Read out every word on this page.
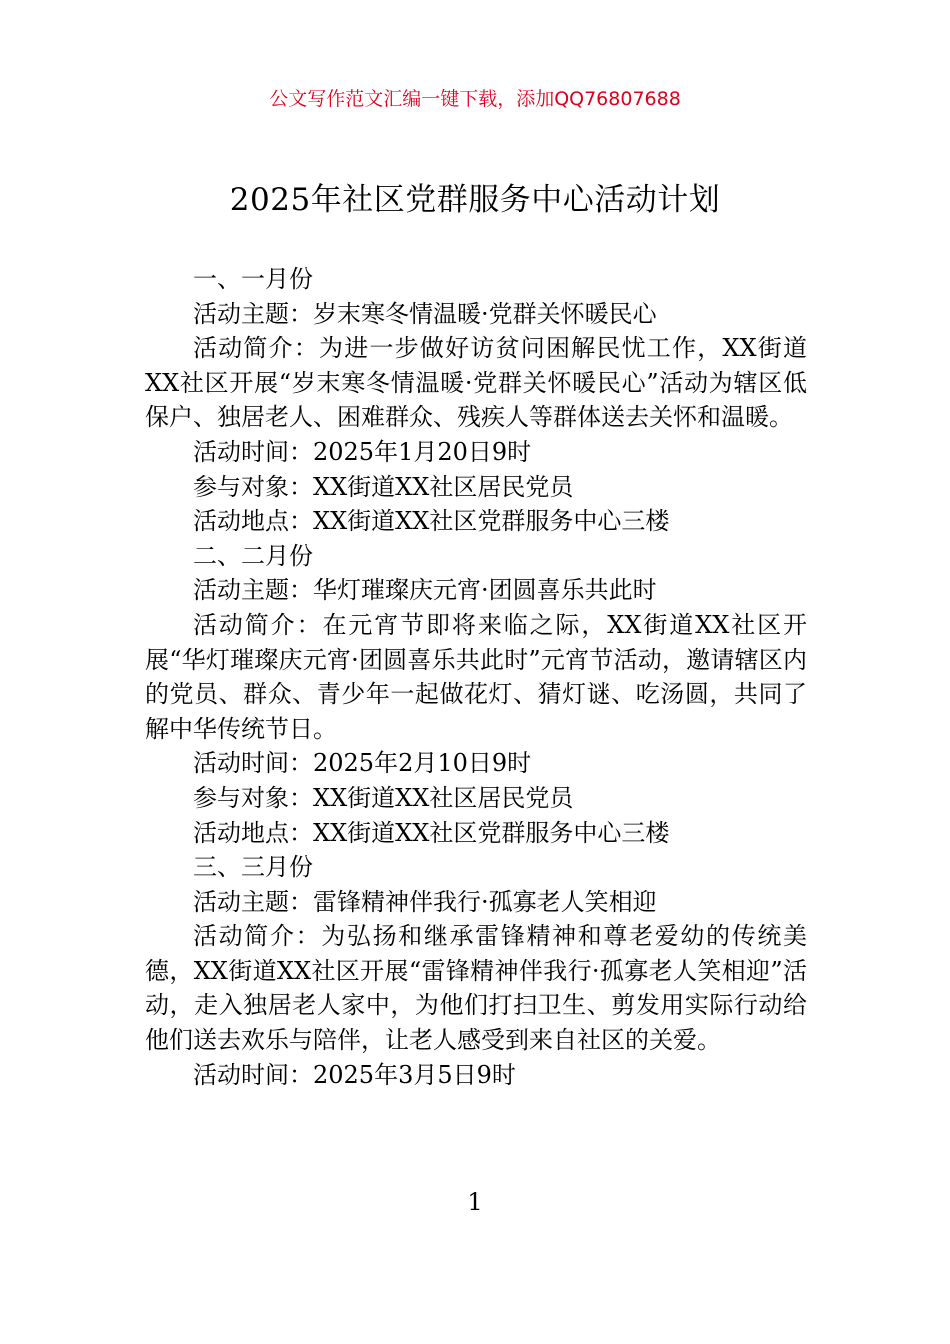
公文写作范文汇编一键下载，添加QQ76807688
2025年社区党群服务中心活动计划

一、一月份

活动主题：岁末寒冬情温暖·党群关怀暖民心

活动简介：为进一步做好访贫问困解民忧工作，XX街道XX社区开展“岁末寒冬情温暖·党群关怀暖民心”活动为辖区低保户、独居老人、困难群众、残疾人等群体送去关怀和温暖。

活动时间：2025年1月20日9时

参与对象：XX街道XX社区居民党员

活动地点：XX街道XX社区党群服务中心三楼

二、二月份

活动主题：华灯璀璨庆元宵·团圆喜乐共此时

活动简介：在元宵节即将来临之际，XX街道XX社区开展“华灯璀璨庆元宵·团圆喜乐共此时”元宵节活动，邀请辖区内的党员、群众、青少年一起做花灯、猜灯谜、吃汤圆，共同了解中华传统节日。

活动时间：2025年2月10日9时

参与对象：XX街道XX社区居民党员

活动地点：XX街道XX社区党群服务中心三楼

三、三月份

活动主题：雷锋精神伴我行·孤寡老人笑相迎

活动简介：为弘扬和继承雷锋精神和尊老爱幼的传统美德，XX街道XX社区开展“雷锋精神伴我行·孤寡老人笑相迎”活动，走入独居老人家中，为他们打扫卫生、剪发用实际行动给他们送去欢乐与陪伴，让老人感受到来自社区的关爱。

活动时间：2025年3月5日9时

1
